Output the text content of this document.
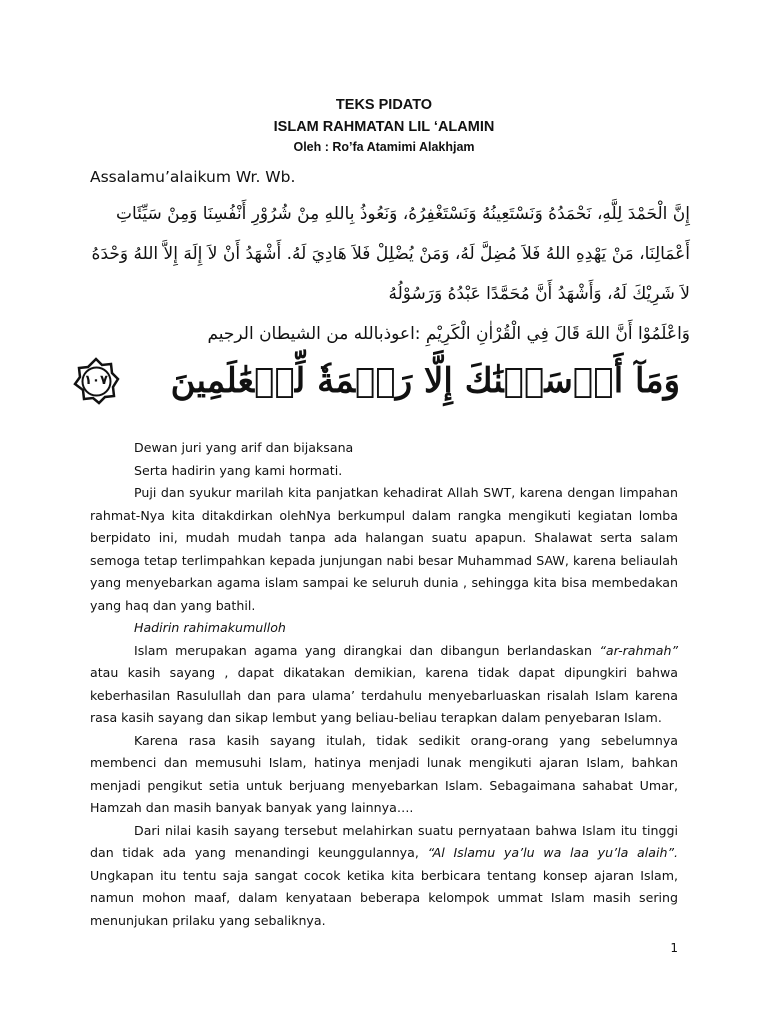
TEKS PIDATO
ISLAM RAHMATAN LIL ‘ALAMIN
Oleh : Ro’fa Atamimi Alakhjam
Assalamu’alaikum Wr. Wb.
إِنَّ الْحَمْدَ لِلَّهِ، نَحْمَدُهُ وَنَسْتَعِينُهُ وَنَسْتَغْفِرُهُ، وَنَعُوذُ بِاللهِ مِنْ شُرُوْرِ أَنْفُسِنَا وَمِنْ سَيِّئَاتِ
أَعْمَالِنَا، مَنْ يَهْدِهِ اللهُ فَلاَ مُضِلَّ لَهُ، وَمَنْ يُضْلِلْ فَلاَ هَادِيَ لَهُ. أَشْهَدُ أَنْ لاَ إِلَهَ إِلاَّ اللهُ وَحْدَهُ
لاَ شَرِيْكَ لَهُ، وَأَشْهَدُ أَنَّ مُحَمَّدًا عَبْدُهُ وَرَسُوْلُهُ
وَاعْلَمُوْا أَنَّ اللهَ قَالَ فِي الْقُرْاٰنِ الْكَرِيْمِ :اعوذبالله من الشيطان الرجيم
وَمَآ أَرۡسَلۡنَٰكَ إِلَّا رَحۡمَةٗ لِّلۡعَٰلَمِينَ
١٠٧
Dewan juri yang arif dan bijaksana
Serta hadirin yang kami hormati.

Puji dan syukur marilah kita panjatkan kehadirat Allah SWT, karena dengan limpahan rahmat-Nya kita ditakdirkan olehNya berkumpul dalam rangka mengikuti kegiatan lomba berpidato ini, mudah mudah tanpa ada halangan suatu apapun. Shalawat serta salam semoga tetap terlimpahkan kepada junjungan nabi besar Muhammad SAW, karena beliaulah yang menyebarkan agama islam sampai ke seluruh dunia , sehingga kita bisa membedakan yang haq dan yang bathil.

Hadirin rahimakumulloh

Islam merupakan agama yang dirangkai dan dibangun berlandaskan “ar-rahmah” atau kasih sayang , dapat dikatakan demikian, karena tidak dapat dipungkiri bahwa keberhasilan Rasulullah dan para ulama’ terdahulu menyebarluaskan risalah Islam karena rasa kasih sayang dan sikap lembut yang beliau-beliau terapkan dalam penyebaran Islam.

Karena rasa kasih sayang itulah, tidak sedikit orang-orang yang sebelumnya membenci dan memusuhi Islam, hatinya menjadi lunak mengikuti ajaran Islam, bahkan menjadi pengikut setia untuk berjuang menyebarkan Islam. Sebagaimana sahabat Umar, Hamzah dan masih banyak banyak yang lainnya….

Dari nilai kasih sayang tersebut melahirkan suatu pernyataan bahwa Islam itu tinggi dan tidak ada yang menandingi keunggulannya, “Al Islamu ya’lu wa laa yu’la alaih”. Ungkapan itu tentu saja sangat cocok ketika kita berbicara tentang konsep ajaran Islam, namun mohon maaf, dalam kenyataan beberapa kelompok ummat Islam masih sering menunjukan prilaku yang sebaliknya.

1
